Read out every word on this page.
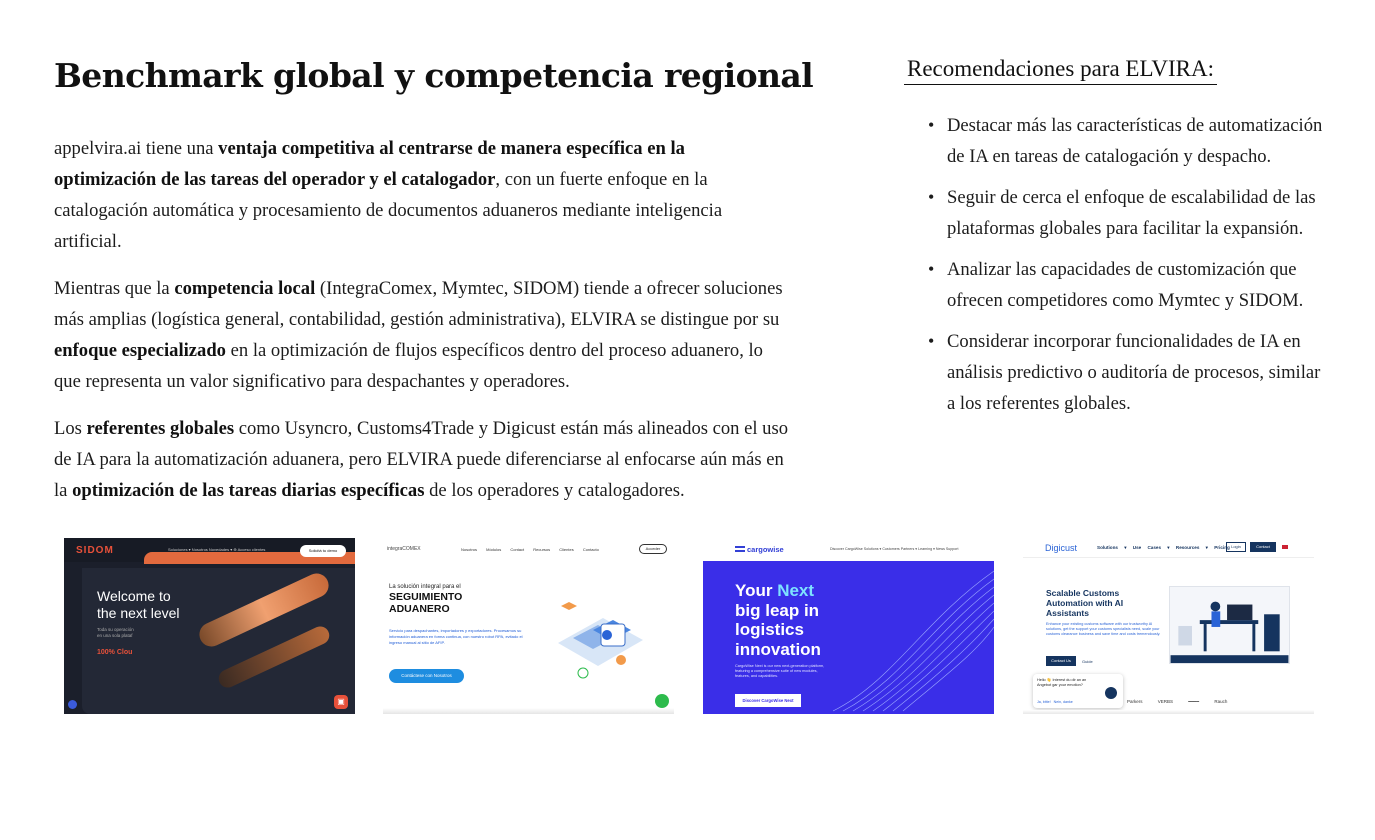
Benchmark global y competencia regional

appelvira.ai tiene una ventaja competitiva al centrarse de manera específica en la optimización de las tareas del operador y el catalogador, con un fuerte enfoque en la catalogación automática y procesamiento de documentos aduaneros mediante inteligencia artificial.

Mientras que la competencia local (IntegraComex, Mymtec, SIDOM) tiende a ofrecer soluciones más amplias (logística general, contabilidad, gestión administrativa), ELVIRA se distingue por su enfoque especializado en la optimización de flujos específicos dentro del proceso aduanero, lo que representa un valor significativo para despachantes y operadores.

Los referentes globales como Usyncro, Customs4Trade y Digicust están más alineados con el uso de IA para la automatización aduanera, pero ELVIRA puede diferenciarse al enfocarse aún más en la optimización de las tareas diarias específicas de los operadores y catalogadores.

Recomendaciones para ELVIRA:
• Destacar más las características de automatización de IA en tareas de catalogación y despacho.
• Seguir de cerca el enfoque de escalabilidad de las plataformas globales para facilitar la expansión.
• Analizar las capacidades de customización que ofrecen competidores como Mymtec y SIDOM.
• Considerar incorporar funcionalidades de IA en análisis predictivo o auditoría de procesos, similar a los referentes globales.
SIDOM	Soluciones ▾ Nosotros Novedades ▾ ⊕ Acceso clientes	Solicitá tu demo
Welcome to
the next level
Toda su operación
en una sola plataf
100% Clou
▣
integraCOMEX	Nosotros Módulos Contact Recursos Clientes Contacto	Acceder
La solución integral para el
SEGUIMIENTO
ADUANERO
Servicio para despachantes, importadores y exportadores. Procesamos su información aduanera en forma continua, con nuestro robot RPA, evitado el ingreso manual al sitio de AFIP.
Contáctese con Nosotros
cargowise	Discover CargoWise Solutions ▾ Customers Partners ▾ Learning ▾ News Support
Your Next
big leap in
logistics
innovation
CargoWise Next is our new next-generation platform, featuring a comprehensive suite of new modules, features, and capabilities.
Discover CargoWise Next
Digicust	Solutions ▾ Use Cases ▾ Resources ▾ Pricing Login	Contact
Scalable Customs
Automation with AI
Assistants
Enhance your existing customs software with our trustworthy AI solutions, get the support your customs specialists need, scale your customs clearance business and save time and costs tremendously.
Contact Us	Guide
Hello 👋 Interest du dir an an Angebot gar your emotion?
Ja, bitte! Nein, danke	Parkers VERBS ━━━━ Rauch
